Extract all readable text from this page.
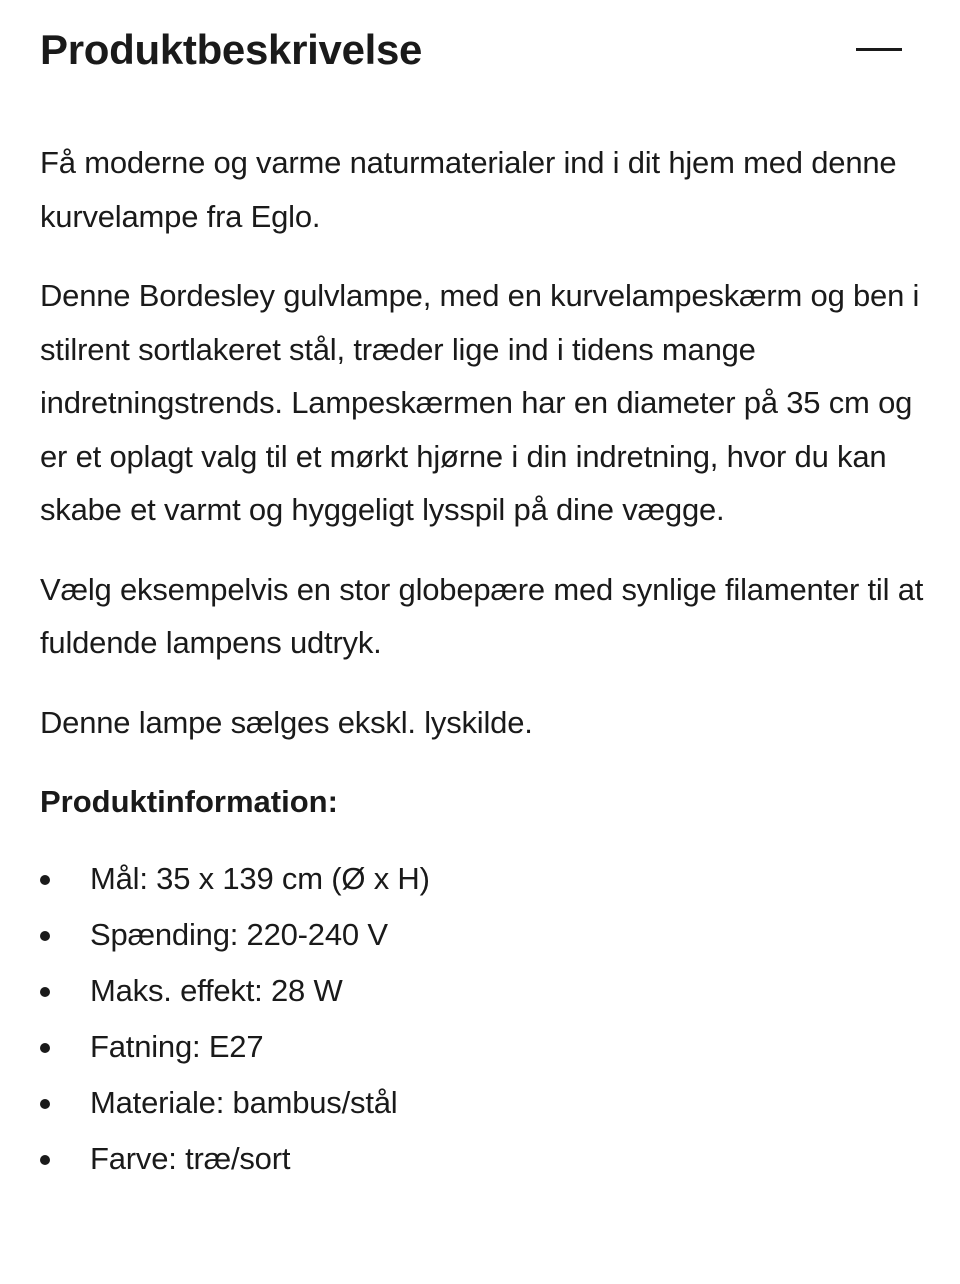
Produktbeskrivelse

Få moderne og varme naturmaterialer ind i dit hjem med denne kurvelampe fra Eglo.

Denne Bordesley gulvlampe, med en kurvelampeskærm og ben i stilrent sortlakeret stål, træder lige ind i tidens mange indretningstrends. Lampeskærmen har en diameter på 35 cm og er et oplagt valg til et mørkt hjørne i din indretning, hvor du kan skabe et varmt og hyggeligt lysspil på dine vægge.

Vælg eksempelvis en stor globepære med synlige filamenter til at fuldende lampens udtryk.

Denne lampe sælges ekskl. lyskilde.

Produktinformation:
Mål: 35 x 139 cm (Ø x H)
Spænding: 220-240 V
Maks. effekt: 28 W
Fatning: E27
Materiale: bambus/stål
Farve: træ/sort
